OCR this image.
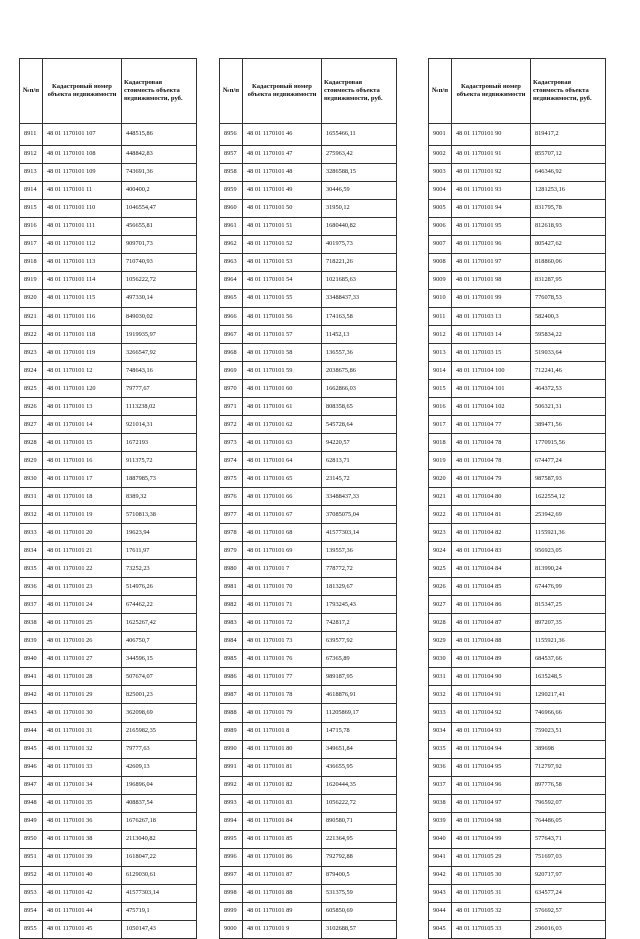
№п/п	Кадастровый номер объекта недвижимости	Кадастровая стоимость объекта недвижимости, руб.
8911	48 01 1170101 107	448515,86
8912	48 01 1170101 108	448842,83
8913	48 01 1170101 109	743691,36
8914	48 01 1170101 11	400400,2
8915	48 01 1170101 110	1046554,47
8916	48 01 1170101 111	456655,81
8917	48 01 1170101 112	909701,73
8918	48 01 1170101 113	710740,93
8919	48 01 1170101 114	1056222,72
8920	48 01 1170101 115	497330,14
8921	48 01 1170101 116	849030,02
8922	48 01 1170101 118	1919935,97
8923	48 01 1170101 119	3266547,92
8924	48 01 1170101 12	748643,16
8925	48 01 1170101 120	79777,67
8926	48 01 1170101 13	1113238,02
8927	48 01 1170101 14	921014,31
8928	48 01 1170101 15	1672193
8929	48 01 1170101 16	911375,72
8930	48 01 1170101 17	1887985,73
8931	48 01 1170101 18	8389,32
8932	48 01 1170101 19	5710813,38
8933	48 01 1170101 20	19623,94
8934	48 01 1170101 21	17611,97
8935	48 01 1170101 22	73252,23
8936	48 01 1170101 23	514976,26
8937	48 01 1170101 24	674462,22
8938	48 01 1170101 25	1625267,42
8939	48 01 1170101 26	406750,7
8940	48 01 1170101 27	344596,15
8941	48 01 1170101 28	507674,07
8942	48 01 1170101 29	825001,23
8943	48 01 1170101 30	362098,69
8944	48 01 1170101 31	2165982,35
8945	48 01 1170101 32	79777,63
8946	48 01 1170101 33	42609,13
8947	48 01 1170101 34	196896,04
8948	48 01 1170101 35	408837,54
8949	48 01 1170101 36	1676267,18
8950	48 01 1170101 38	2113040,82
8951	48 01 1170101 39	1618047,22
8952	48 01 1170101 40	6129030,61
8953	48 01 1170101 42	41577303,14
8954	48 01 1170101 44	475719,1
8955	48 01 1170101 45	1050147,43
№п/п	Кадастровый номер объекта недвижимости	Кадастровая стоимость объекта недвижимости, руб.
8956	48 01 1170101 46	1655466,11
8957	48 01 1170101 47	275963,42
8958	48 01 1170101 48	3286588,15
8959	48 01 1170101 49	30446,59
8960	48 01 1170101 50	31950,12
8961	48 01 1170101 51	1680440,82
8962	48 01 1170101 52	401975,73
8963	48 01 1170101 53	718221,26
8964	48 01 1170101 54	1021685,63
8965	48 01 1170101 55	33488437,33
8966	48 01 1170101 56	174163,58
8967	48 01 1170101 57	11452,13
8968	48 01 1170101 58	136557,36
8969	48 01 1170101 59	2038675,86
8970	48 01 1170101 60	1662866,03
8971	48 01 1170101 61	808358,65
8972	48 01 1170101 62	545728,64
8973	48 01 1170101 63	94220,57
8974	48 01 1170101 64	62813,71
8975	48 01 1170101 65	23145,72
8976	48 01 1170101 66	33488437,33
8977	48 01 1170101 67	37085075,04
8978	48 01 1170101 68	41577303,14
8979	48 01 1170101 69	139557,36
8980	48 01 1170101 7	778772,72
8981	48 01 1170101 70	181329,67
8982	48 01 1170101 71	1793245,43
8983	48 01 1170101 72	742817,2
8984	48 01 1170101 73	639577,92
8985	48 01 1170101 76	67365,89
8986	48 01 1170101 77	989187,95
8987	48 01 1170101 78	4618876,91
8988	48 01 1170101 79	11205869,17
8989	48 01 1170101 8	14715,78
8990	48 01 1170101 80	349651,84
8991	48 01 1170101 81	436655,95
8992	48 01 1170101 82	1620444,35
8993	48 01 1170101 83	1056222,72
8994	48 01 1170101 84	890580,71
8995	48 01 1170101 85	221364,95
8996	48 01 1170101 86	792792,88
8997	48 01 1170101 87	879400,5
8998	48 01 1170101 88	531375,59
8999	48 01 1170101 89	605850,69
9000	48 01 1170101 9	3102688,57
№п/п	Кадастровый номер объекта недвижимости	Кадастровая стоимость объекта недвижимости, руб.
9001	48 01 1170101 90	819417,2
9002	48 01 1170101 91	855707,12
9003	48 01 1170101 92	646346,92
9004	48 01 1170101 93	1281253,16
9005	48 01 1170101 94	831795,78
9006	48 01 1170101 95	812618,93
9007	48 01 1170101 96	805427,62
9008	48 01 1170101 97	818860,06
9009	48 01 1170101 98	831287,95
9010	48 01 1170101 99	776078,53
9011	48 01 1170103 13	582400,3
9012	48 01 1170103 14	595834,22
9013	48 01 1170103 15	519033,64
9014	48 01 1170104 100	712241,46
9015	48 01 1170104 101	464372,53
9016	48 01 1170104 102	506321,31
9017	48 01 1170104 77	389471,56
9018	48 01 1170104 78	1770915,56
9019	48 01 1170104 78	674477,24
9020	48 01 1170104 79	987587,93
9021	48 01 1170104 80	1622554,12
9022	48 01 1170104 81	253942,69
9023	48 01 1170104 82	1155921,36
9024	48 01 1170104 83	956923,05
9025	48 01 1170104 84	813990,24
9026	48 01 1170104 85	674476,99
9027	48 01 1170104 86	815347,25
9028	48 01 1170104 87	897207,35
9029	48 01 1170104 88	1155921,36
9030	48 01 1170104 89	684537,66
9031	48 01 1170104 90	1635248,5
9032	48 01 1170104 91	1290217,41
9033	48 01 1170104 92	746966,66
9034	48 01 1170104 93	759023,51
9035	48 01 1170104 94	389698
9036	48 01 1170104 95	712797,92
9037	48 01 1170104 96	897776,58
9038	48 01 1170104 97	796592,07
9039	48 01 1170104 98	764486,05
9040	48 01 1170104 99	577643,71
9041	48 01 1170105 29	751697,03
9042	48 01 1170105 30	920717,97
9043	48 01 1170105 31	634577,24
9044	48 01 1170105 32	576692,57
9045	48 01 1170105 33	296016,03
